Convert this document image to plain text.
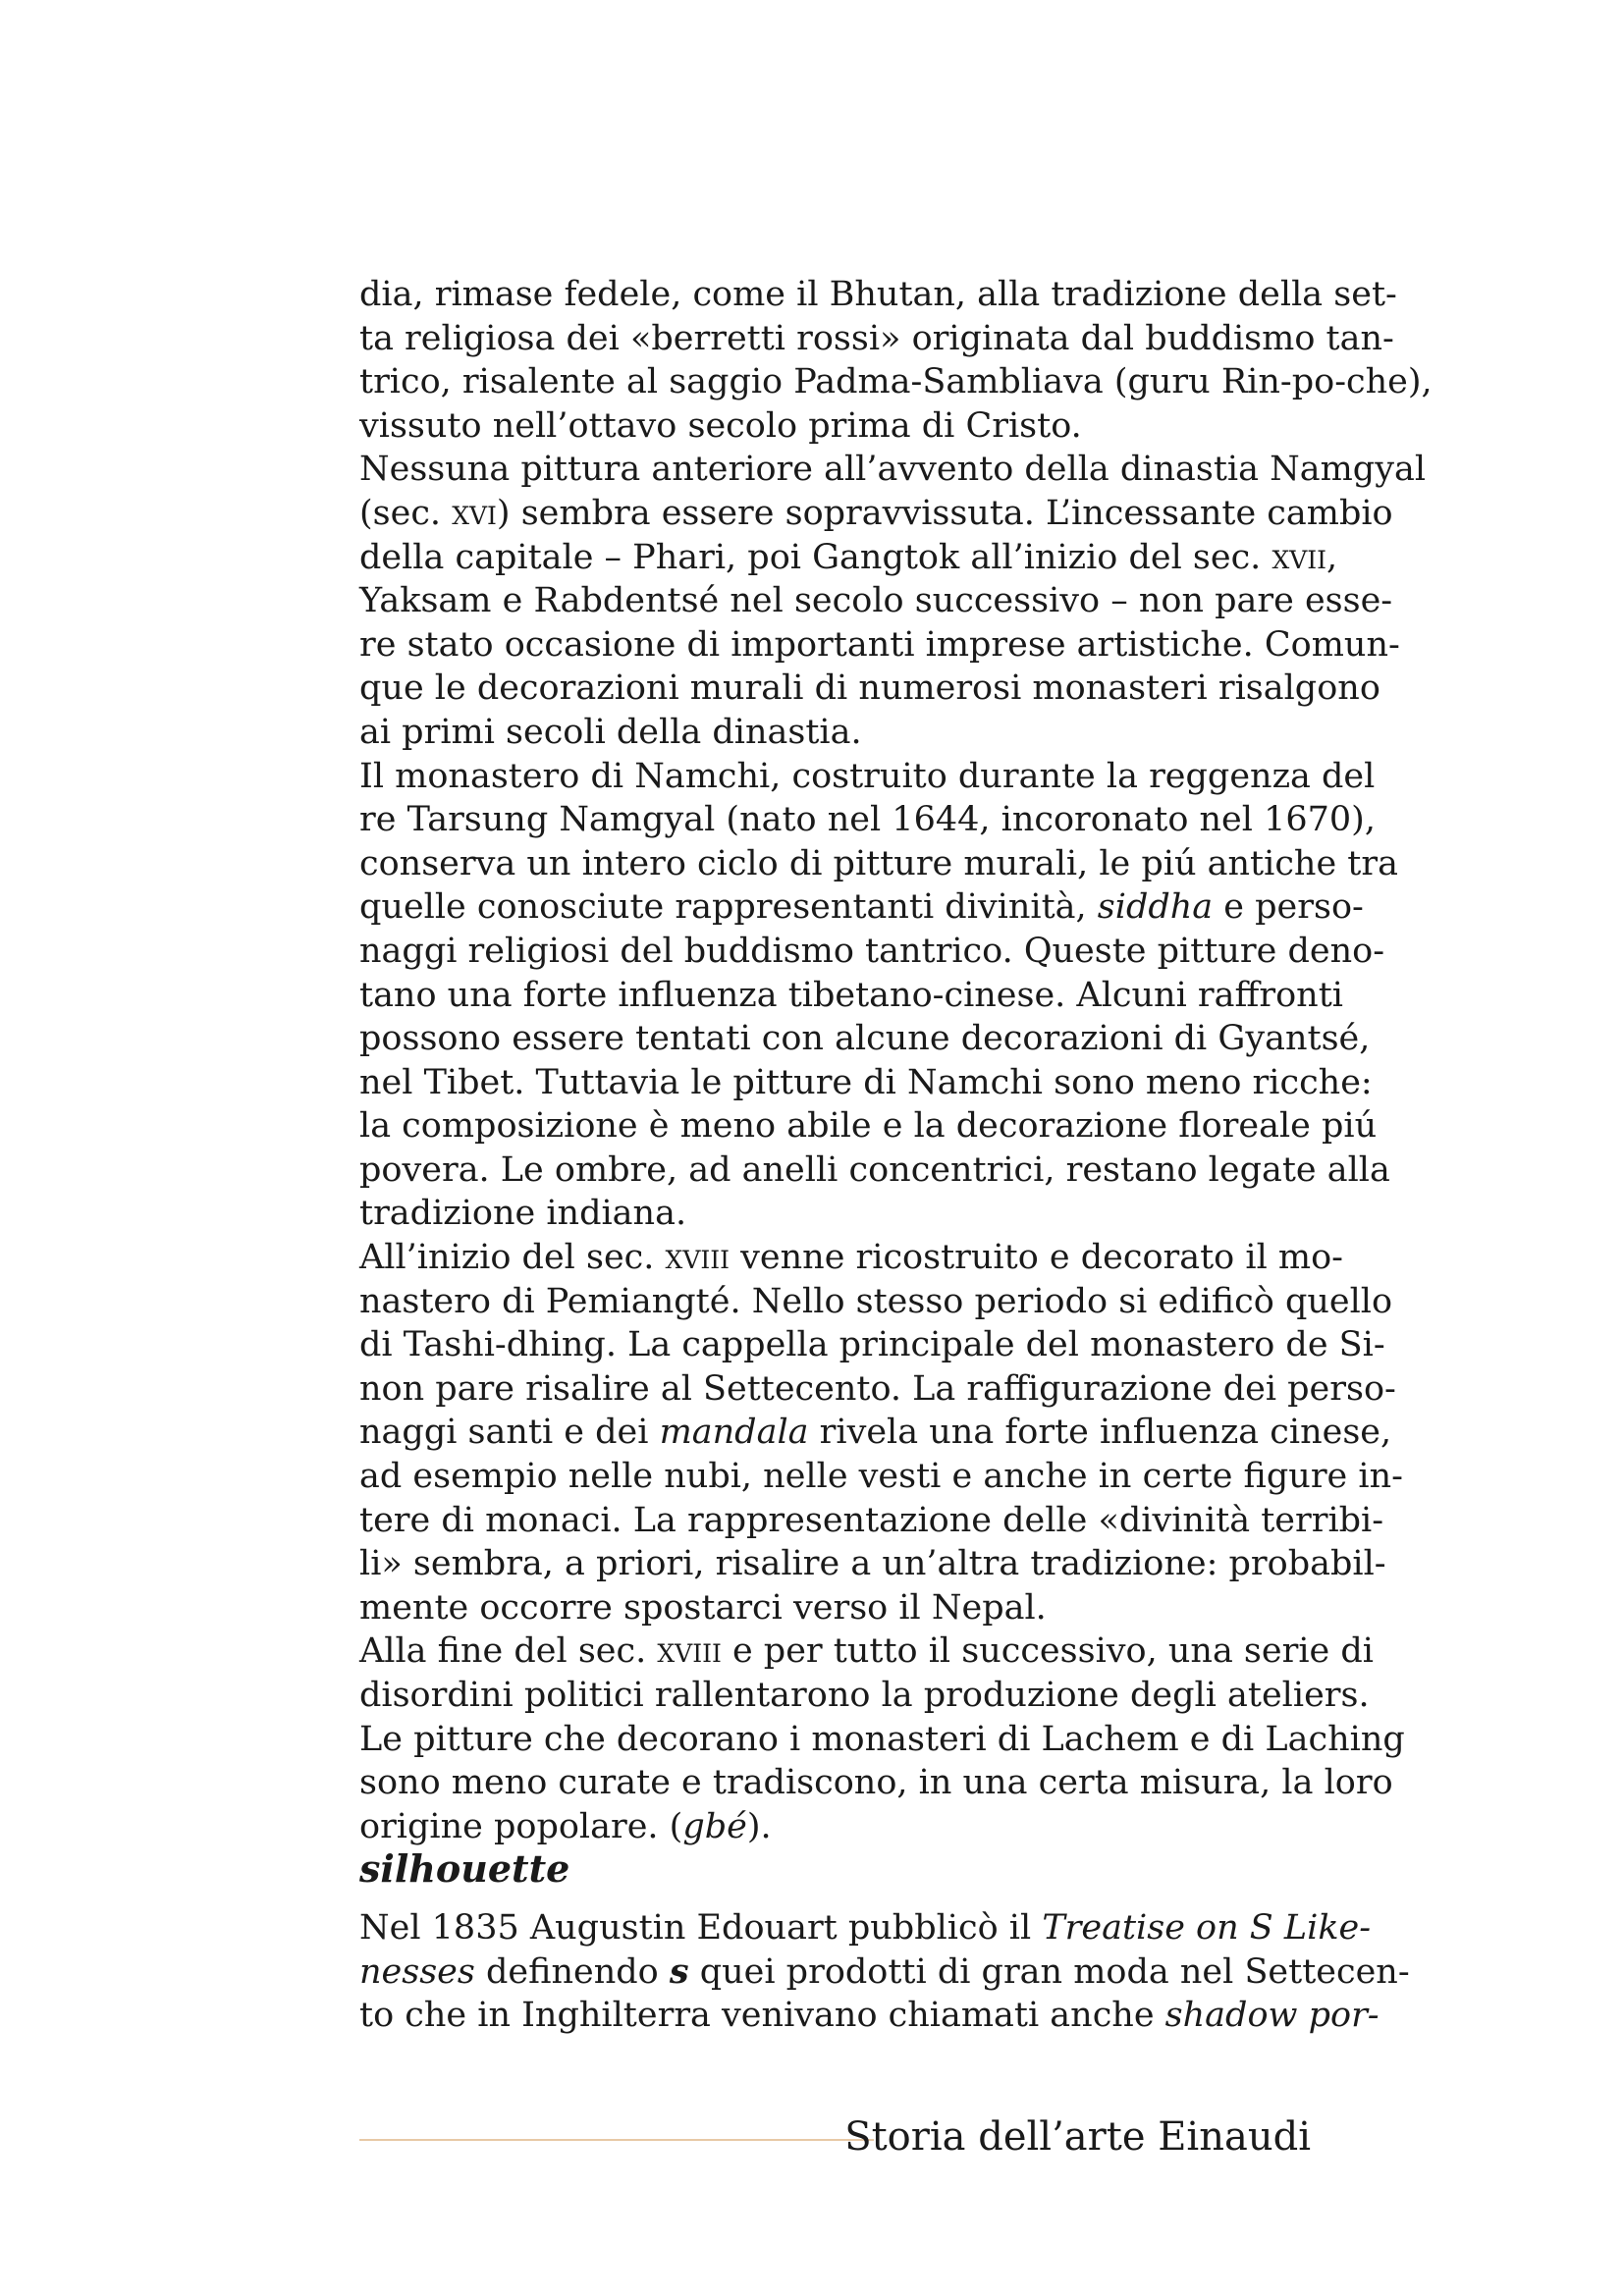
dia, rimase fedele, come il Bhutan, alla tradizione della set-
ta religiosa dei «berretti rossi» originata dal buddismo tan-
trico, risalente al saggio Padma-Sambliava (guru Rin-po-che),
vissuto nell’ottavo secolo prima di Cristo.
Nessuna pittura anteriore all’avvento della dinastia Namgyal
(sec. xvi) sembra essere sopravvissuta. L’incessante cambio
della capitale – Phari, poi Gangtok all’inizio del sec. xvii,
Yaksam e Rabdentsé nel secolo successivo – non pare esse-
re stato occasione di importanti imprese artistiche. Comun-
que le decorazioni murali di numerosi monasteri risalgono
ai primi secoli della dinastia.
Il monastero di Namchi, costruito durante la reggenza del
re Tarsung Namgyal (nato nel 1644, incoronato nel 1670),
conserva un intero ciclo di pitture murali, le piú antiche tra
quelle conosciute rappresentanti divinità, siddha e perso-
naggi religiosi del buddismo tantrico. Queste pitture deno-
tano una forte influenza tibetano-cinese. Alcuni raffronti
possono essere tentati con alcune decorazioni di Gyantsé,
nel Tibet. Tuttavia le pitture di Namchi sono meno ricche:
la composizione è meno abile e la decorazione floreale piú
povera. Le ombre, ad anelli concentrici, restano legate alla
tradizione indiana.
All’inizio del sec. xviii venne ricostruito e decorato il mo-
nastero di Pemiangté. Nello stesso periodo si edificò quello
di Tashi-dhing. La cappella principale del monastero de Si-
non pare risalire al Settecento. La raffigurazione dei perso-
naggi santi e dei mandala rivela una forte influenza cinese,
ad esempio nelle nubi, nelle vesti e anche in certe figure in-
tere di monaci. La rappresentazione delle «divinità terribi-
li» sembra, a priori, risalire a un’altra tradizione: probabil-
mente occorre spostarci verso il Nepal.
Alla fine del sec. xviii e per tutto il successivo, una serie di
disordini politici rallentarono la produzione degli ateliers.
Le pitture che decorano i monasteri di Lachem e di Laching
sono meno curate e tradiscono, in una certa misura, la loro
origine popolare. (gbé).
silhouette
Nel 1835 Augustin Edouart pubblicò il Treatise on S Like-
nesses definendo s quei prodotti di gran moda nel Settecen-
to che in Inghilterra venivano chiamati anche shadow por-
Storia dell’arte Einaudi
